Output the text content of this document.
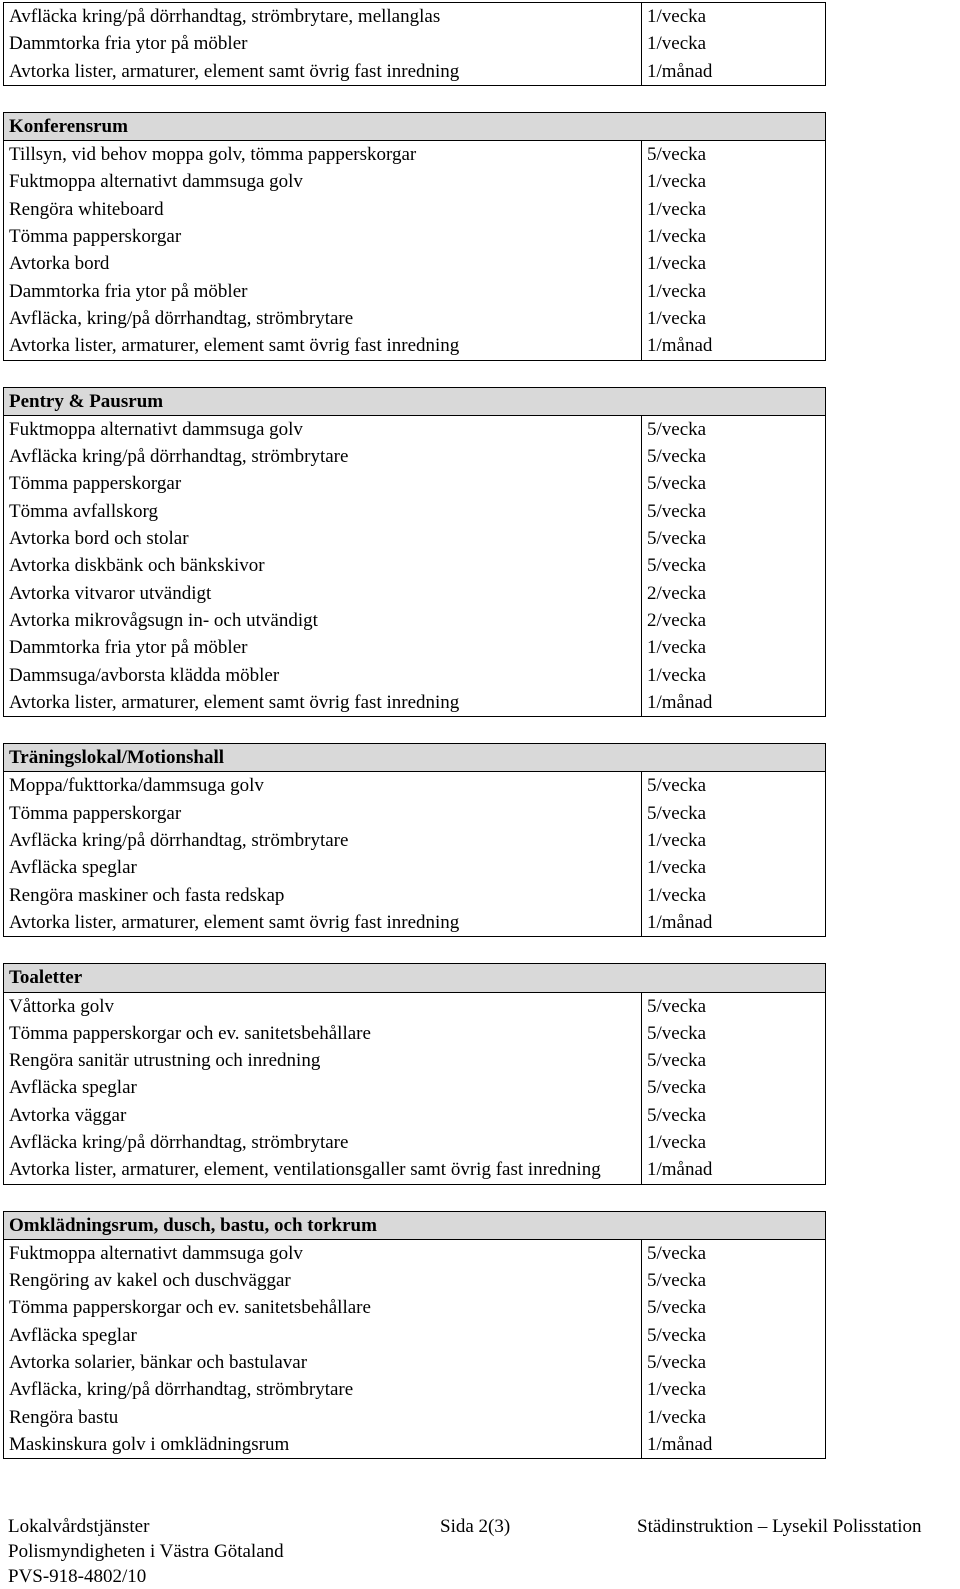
Avfläcka kring/på dörrhandtag, strömbrytare, mellanglas	1/vecka
Dammtorka fria ytor på möbler	1/vecka
Avtorka lister, armaturer, element samt övrig fast inredning	1/månad
Konferensrum	
Tillsyn, vid behov moppa golv, tömma papperskorgar	5/vecka
Fuktmoppa alternativt dammsuga golv	1/vecka
Rengöra whiteboard	1/vecka
Tömma papperskorgar	1/vecka
Avtorka bord	1/vecka
Dammtorka fria ytor på möbler	1/vecka
Avfläcka, kring/på dörrhandtag, strömbrytare	1/vecka
Avtorka lister, armaturer, element samt övrig fast inredning	1/månad
Pentry & Pausrum	
Fuktmoppa alternativt dammsuga golv	5/vecka
Avfläcka kring/på dörrhandtag, strömbrytare	5/vecka
Tömma papperskorgar	5/vecka
Tömma avfallskorg	5/vecka
Avtorka bord och stolar	5/vecka
Avtorka diskbänk och bänkskivor	5/vecka
Avtorka vitvaror utvändigt	2/vecka
Avtorka mikrovågsugn in- och utvändigt	2/vecka
Dammtorka fria ytor på möbler	1/vecka
Dammsuga/avborsta klädda möbler	1/vecka
Avtorka lister, armaturer, element samt övrig fast inredning	1/månad
Träningslokal/Motionshall	
Moppa/fukttorka/dammsuga golv	5/vecka
Tömma papperskorgar	5/vecka
Avfläcka kring/på dörrhandtag, strömbrytare	1/vecka
Avfläcka speglar	1/vecka
Rengöra maskiner och fasta redskap	1/vecka
Avtorka lister, armaturer, element samt övrig fast inredning	1/månad
Toaletter	
Våttorka golv	5/vecka
Tömma papperskorgar och ev. sanitetsbehållare	5/vecka
Rengöra sanitär utrustning och inredning	5/vecka
Avfläcka speglar	5/vecka
Avtorka väggar	5/vecka
Avfläcka kring/på dörrhandtag, strömbrytare	1/vecka
Avtorka lister, armaturer, element, ventilationsgaller samt övrig fast inredning	1/månad
Omklädningsrum, dusch, bastu, och torkrum	
Fuktmoppa alternativt dammsuga golv	5/vecka
Rengöring av kakel och duschväggar	5/vecka
Tömma papperskorgar och ev. sanitetsbehållare	5/vecka
Avfläcka speglar	5/vecka
Avtorka solarier, bänkar och bastulavar	5/vecka
Avfläcka, kring/på dörrhandtag, strömbrytare	1/vecka
Rengöra bastu	1/vecka
Maskinskura golv i omklädningsrum	1/månad
Lokalvårdstjänster
Polismyndigheten i Västra Götaland
PVS-918-4802/10
Sida 2(3)	Städinstruktion – Lysekil Polisstation
